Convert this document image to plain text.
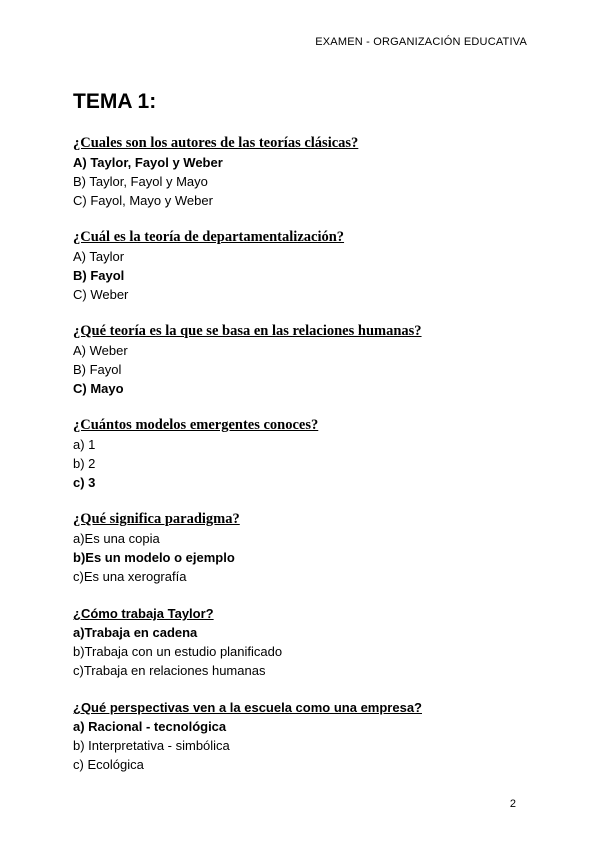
EXAMEN - ORGANIZACIÓN EDUCATIVA
TEMA 1:
¿Cuales son los autores de las teorías clásicas?
A) Taylor, Fayol y Weber
B) Taylor, Fayol y Mayo
C) Fayol, Mayo y Weber
¿Cuál es la teoría de departamentalización?
A) Taylor
B) Fayol
C) Weber
¿Qué teoría es la que se basa en las relaciones humanas?
A) Weber
B) Fayol
C) Mayo
¿Cuántos modelos emergentes conoces?
a) 1
b) 2
c) 3
¿Qué significa paradigma?
a)Es una copia
b)Es un modelo o ejemplo
c)Es una xerografía
¿Cómo trabaja Taylor?
a)Trabaja en cadena
b)Trabaja con un estudio planificado
c)Trabaja en relaciones humanas
¿Qué perspectivas ven a la escuela como una empresa?
a) Racional - tecnológica
b) Interpretativa - simbólica
c) Ecológica
2
